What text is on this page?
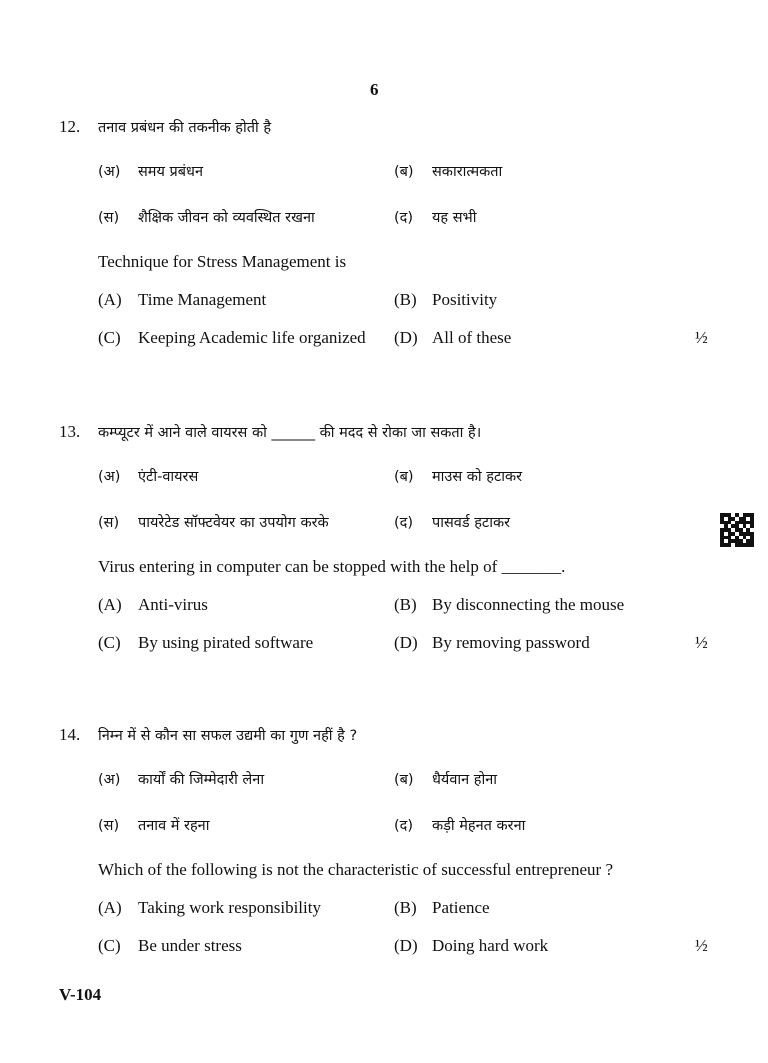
6
12. तनाव प्रबंधन की तकनीक होती है
(अ) समय प्रबंधन	(ब) सकारात्मकता
(स) शैक्षिक जीवन को व्यवस्थित रखना	(द) यह सभी
Technique for Stress Management is
(A) Time Management	(B) Positivity
(C) Keeping Academic life organized (D) All of these	½
13. कम्प्यूटर में आने वाले वायरस को ______ की मदद से रोका जा सकता है।
(अ) एंटी-वायरस	(ब) माउस को हटाकर
(स) पायरेटेड सॉफ्टवेयर का उपयोग करके	(द) पासवर्ड हटाकर
Virus entering in computer can be stopped with the help of _______.
(A) Anti-virus	(B) By disconnecting the mouse
(C) By using pirated software	(D) By removing password	½
14. निम्न में से कौन सा सफल उद्यमी का गुण नहीं है ?
(अ) कार्यों की जिम्मेदारी लेना	(ब) धैर्यवान होना
(स) तनाव में रहना	(द) कड़ी मेहनत करना
Which of the following is not the characteristic of successful entrepreneur ?
(A) Taking work responsibility	(B) Patience
(C) Be under stress	(D) Doing hard work	½
V-104
